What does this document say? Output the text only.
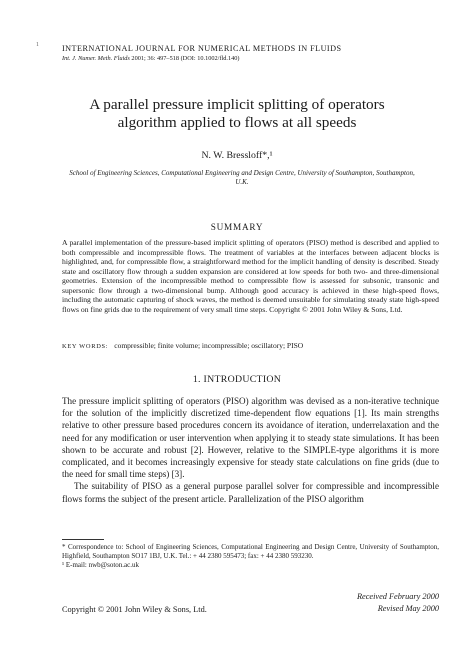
1	INTERNATIONAL JOURNAL FOR NUMERICAL METHODS IN FLUIDS
Int. J. Numer. Meth. Fluids 2001; 36: 497–518 (DOI: 10.1002/fld.140)
A parallel pressure implicit splitting of operators
algorithm applied to flows at all speeds
N. W. Bressloff*,¹
School of Engineering Sciences, Computational Engineering and Design Centre, University of Southampton, Southampton, U.K.
SUMMARY
A parallel implementation of the pressure-based implicit splitting of operators (PISO) method is described and applied to both compressible and incompressible flows. The treatment of variables at the interfaces between adjacent blocks is highlighted, and, for compressible flow, a straightforward method for the implicit handling of density is described. Steady state and oscillatory flow through a sudden expansion are considered at low speeds for both two- and three-dimensional geometries. Extension of the incompressible method to compressible flow is assessed for subsonic, transonic and supersonic flow through a two-dimensional bump. Although good accuracy is achieved in these high-speed flows, including the automatic capturing of shock waves, the method is deemed unsuitable for simulating steady state high-speed flows on fine grids due to the requirement of very small time steps. Copyright © 2001 John Wiley & Sons, Ltd.
KEY WORDS: compressible; finite volume; incompressible; oscillatory; PISO
1. INTRODUCTION

The pressure implicit splitting of operators (PISO) algorithm was devised as a non-iterative technique for the solution of the implicitly discretized time-dependent flow equations [1]. Its main strengths relative to other pressure based procedures concern its avoidance of iteration, underrelaxation and the need for any modification or user intervention when applying it to steady state simulations. It has been shown to be accurate and robust [2]. However, relative to the SIMPLE-type algorithms it is more complicated, and it becomes increasingly expensive for steady state calculations on fine grids (due to the need for small time steps) [3].

The suitability of PISO as a general purpose parallel solver for compressible and incompressible flows forms the subject of the present article. Parallelization of the PISO algorithm

* Correspondence to: School of Engineering Sciences, Computational Engineering and Design Centre, University of Southampton, Highfield, Southampton SO17 1BJ, U.K. Tel.: + 44 2380 595473; fax: + 44 2380 593230.
¹ E-mail: nwb@soton.ac.uk
Copyright © 2001 John Wiley & Sons, Ltd.
Received February 2000
Revised May 2000
